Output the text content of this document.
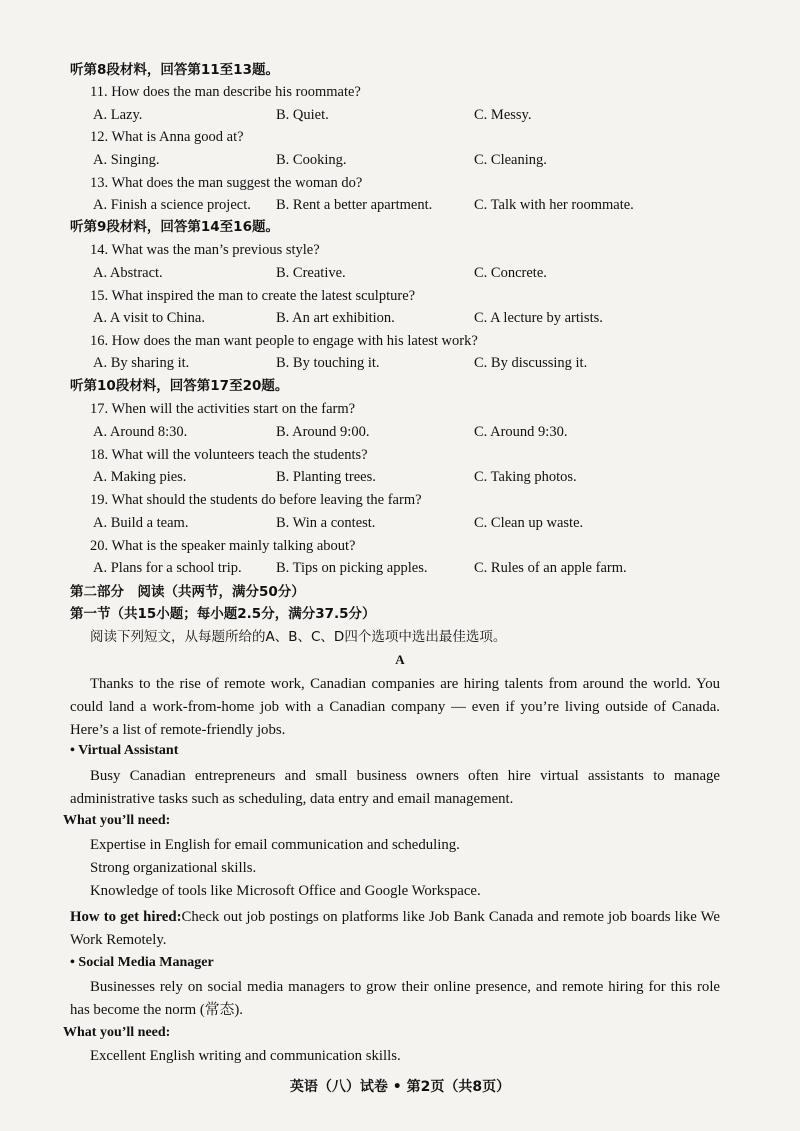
听第8段材料，回答第11至13题。
11. How does the man describe his roommate?
A. Lazy.	B. Quiet.	C. Messy.
12. What is Anna good at?
A. Singing.	B. Cooking.	C. Cleaning.
13. What does the man suggest the woman do?
A. Finish a science project. B. Rent a better apartment.	C. Talk with her roommate.
听第9段材料，回答第14至16题。
14. What was the man’s previous style?
A. Abstract.	B. Creative.	C. Concrete.
15. What inspired the man to create the latest sculpture?
A. A visit to China.	B. An art exhibition.	C. A lecture by artists.
16. How does the man want people to engage with his latest work?
A. By sharing it.	B. By touching it.	C. By discussing it.
听第10段材料，回答第17至20题。
17. When will the activities start on the farm?
A. Around 8:30.	B. Around 9:00.	C. Around 9:30.
18. What will the volunteers teach the students?
A. Making pies.	B. Planting trees.	C. Taking photos.
19. What should the students do before leaving the farm?
A. Build a team.	B. Win a contest.	C. Clean up waste.
20. What is the speaker mainly talking about?
A. Plans for a school trip. B. Tips on picking apples.	C. Rules of an apple farm.
第二部分　阅读（共两节，满分50分）
第一节（共15小题；每小题2.5分，满分37.5分）
阅读下列短文，从每题所给的A、B、C、D四个选项中选出最佳选项。
A
Thanks to the rise of remote work, Canadian companies are hiring talents from around the world. You could land a work-from-home job with a Canadian company — even if you’re living outside of Canada. Here’s a list of remote-friendly jobs.
• Virtual Assistant
Busy Canadian entrepreneurs and small business owners often hire virtual assistants to manage administrative tasks such as scheduling, data entry and email management.
What you’ll need:
Expertise in English for email communication and scheduling.
Strong organizational skills.
Knowledge of tools like Microsoft Office and Google Workspace.
How to get hired:Check out job postings on platforms like Job Bank Canada and remote job boards like We Work Remotely.
• Social Media Manager
Businesses rely on social media managers to grow their online presence, and remote hiring for this role has become the norm (常态).
What you’ll need:
Excellent English writing and communication skills.
英语（八）试卷 • 第2页（共8页）
